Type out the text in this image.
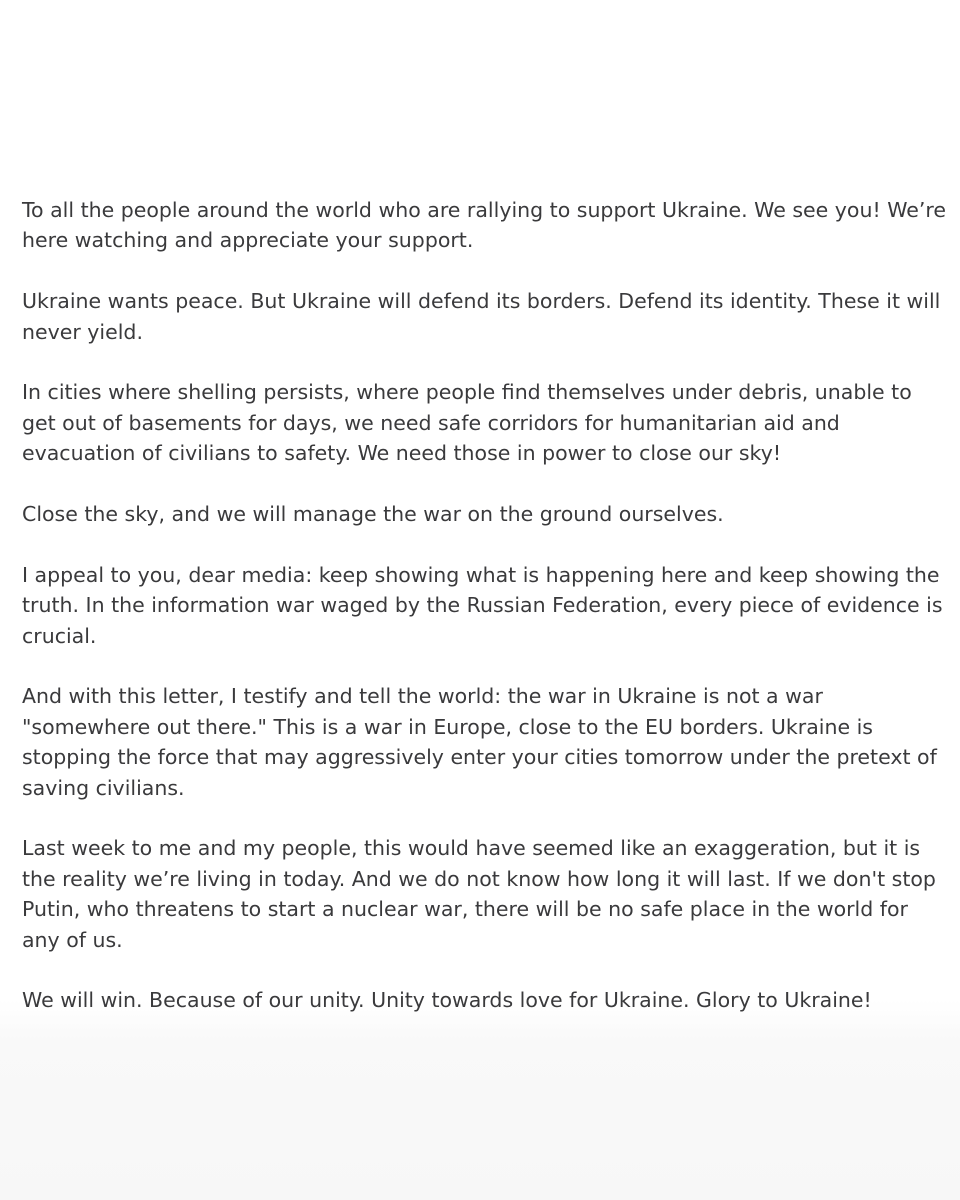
To all the people around the world who are rallying to support Ukraine. We see you! We’re here watching and appreciate your support.

Ukraine wants peace. But Ukraine will defend its borders. Defend its identity. These it will never yield.

In cities where shelling persists, where people find themselves under debris, unable to get out of basements for days, we need safe corridors for humanitarian aid and evacuation of civilians to safety. We need those in power to close our sky!

Close the sky, and we will manage the war on the ground ourselves.

I appeal to you, dear media: keep showing what is happening here and keep showing the truth. In the information war waged by the Russian Federation, every piece of evidence is crucial.

And with this letter, I testify and tell the world: the war in Ukraine is not a war "somewhere out there." This is a war in Europe, close to the EU borders. Ukraine is stopping the force that may aggressively enter your cities tomorrow under the pretext of saving civilians.

Last week to me and my people, this would have seemed like an exaggeration, but it is the reality we’re living in today. And we do not know how long it will last. If we don't stop Putin, who threatens to start a nuclear war, there will be no safe place in the world for any of us.

We will win. Because of our unity. Unity towards love for Ukraine. Glory to Ukraine!
